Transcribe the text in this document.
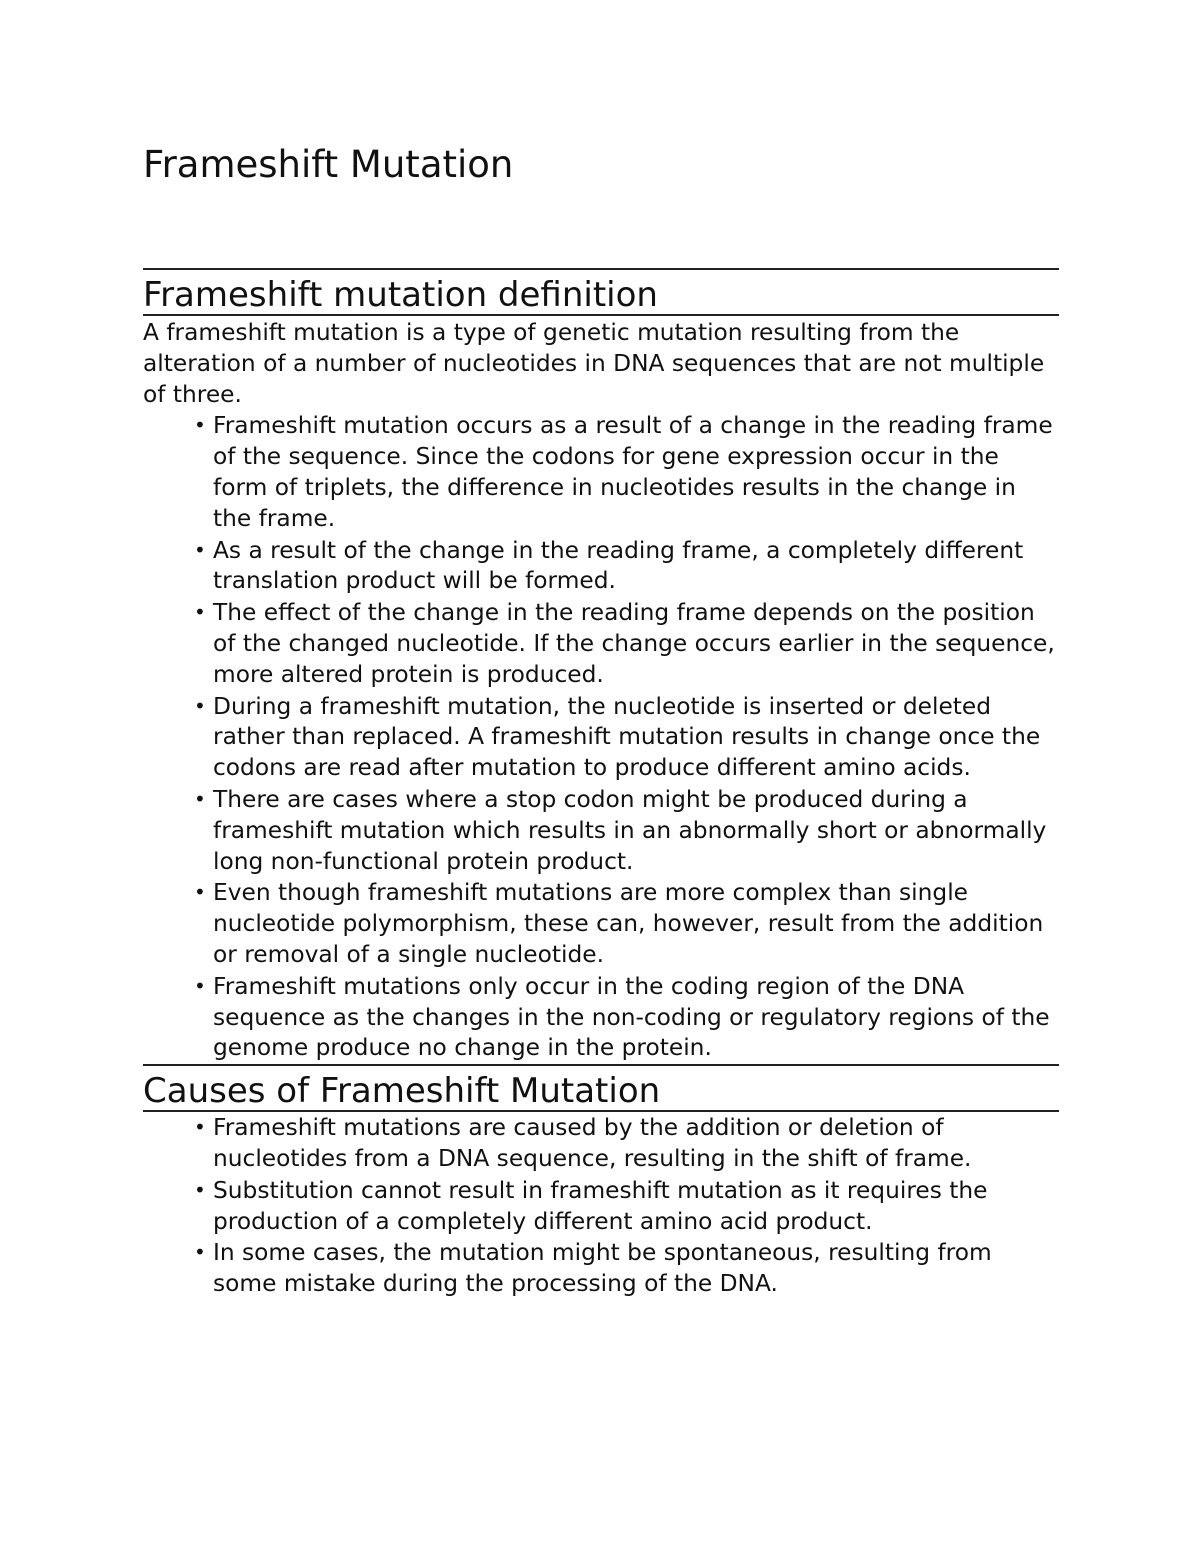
Frameshift Mutation
Frameshift mutation definition

A frameshift mutation is a type of genetic mutation resulting from the alteration of a number of nucleotides in DNA sequences that are not multiple of three.

• Frameshift mutation occurs as a result of a change in the reading frame of the sequence. Since the codons for gene expression occur in the form of triplets, the difference in nucleotides results in the change in the frame.
• As a result of the change in the reading frame, a completely different translation product will be formed.
• The effect of the change in the reading frame depends on the position of the changed nucleotide. If the change occurs earlier in the sequence, more altered protein is produced.
• During a frameshift mutation, the nucleotide is inserted or deleted rather than replaced. A frameshift mutation results in change once the codons are read after mutation to produce different amino acids.
• There are cases where a stop codon might be produced during a frameshift mutation which results in an abnormally short or abnormally long non-functional protein product.
• Even though frameshift mutations are more complex than single nucleotide polymorphism, these can, however, result from the addition or removal of a single nucleotide.
• Frameshift mutations only occur in the coding region of the DNA sequence as the changes in the non-coding or regulatory regions of the genome produce no change in the protein.
Causes of Frameshift Mutation
• Frameshift mutations are caused by the addition or deletion of nucleotides from a DNA sequence, resulting in the shift of frame.
• Substitution cannot result in frameshift mutation as it requires the production of a completely different amino acid product.
• In some cases, the mutation might be spontaneous, resulting from some mistake during the processing of the DNA.
